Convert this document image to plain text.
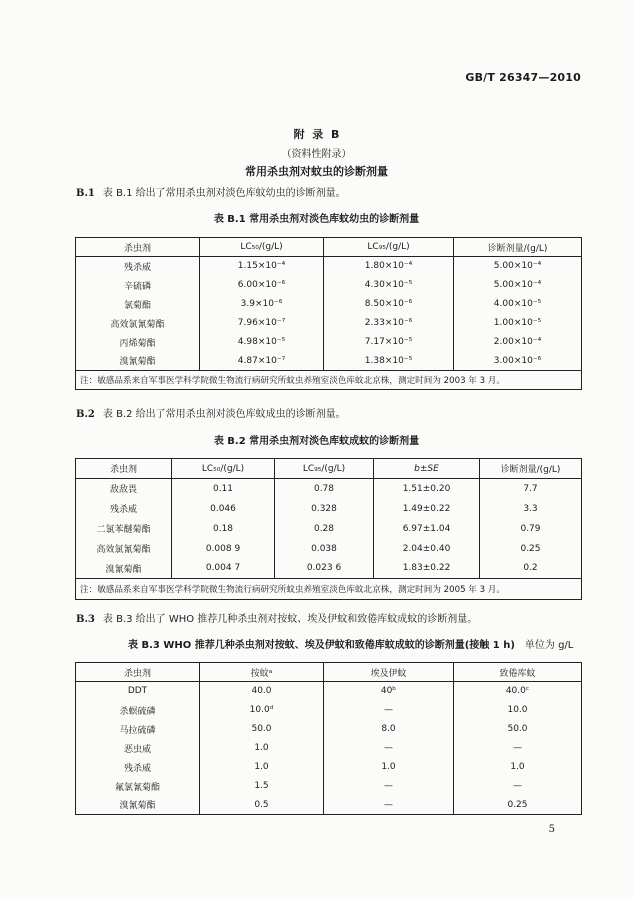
GB/T 26347—2010
附  录  B
（资料性附录）
常用杀虫剂对蚊虫的诊断剂量
B.1 表 B.1 给出了常用杀虫剂对淡色库蚊幼虫的诊断剂量。
表 B.1 常用杀虫剂对淡色库蚊幼虫的诊断剂量
杀虫剂	LC₅₀/(g/L)	LC₉₅/(g/L)	诊断剂量/(g/L)
残杀威	1.15×10⁻⁴	1.80×10⁻⁴	5.00×10⁻⁴
辛硫磷	6.00×10⁻⁶	4.30×10⁻⁵	5.00×10⁻⁴
氯菊酯	3.9×10⁻⁶	8.50×10⁻⁶	4.00×10⁻⁵
高效氯氰菊酯	7.96×10⁻⁷	2.33×10⁻⁶	1.00×10⁻⁵
丙烯菊酯	4.98×10⁻⁵	7.17×10⁻⁵	2.00×10⁻⁴
溴氰菊酯	4.87×10⁻⁷	1.38×10⁻⁵	3.00×10⁻⁶
注：敏感品系来自军事医学科学院微生物流行病研究所蚊虫养殖室淡色库蚊北京株，测定时间为 2003 年 3 月。			
B.2 表 B.2 给出了常用杀虫剂对淡色库蚊成虫的诊断剂量。
表 B.2 常用杀虫剂对淡色库蚊成蚊的诊断剂量
杀虫剂	LC₅₀/(g/L)	LC₉₅/(g/L)	b±SE	诊断剂量/(g/L)
敌敌畏	0.11	0.78	1.51±0.20	7.7
残杀威	0.046	0.328	1.49±0.22	3.3
二氯苯醚菊酯	0.18	0.28	6.97±1.04	0.79
高效氯氰菊酯	0.008 9	0.038	2.04±0.40	0.25
溴氰菊酯	0.004 7	0.023 6	1.83±0.22	0.2
注：敏感品系来自军事医学科学院微生物流行病研究所蚊虫养殖室淡色库蚊北京株，测定时间为 2005 年 3 月。				
B.3 表 B.3 给出了 WHO 推荐几种杀虫剂对按蚊、埃及伊蚊和致倦库蚊成蚊的诊断剂量。
表 B.3 WHO 推荐几种杀虫剂对按蚊、埃及伊蚊和致倦库蚊成蚊的诊断剂量(接触 1 h) 单位为 g/L
杀虫剂	按蚊ᵃ	埃及伊蚊	致倦库蚊
DDT	40.0	40ᵇ	40.0ᶜ
杀螟硫磷	10.0ᵈ	—	10.0
马拉硫磷	50.0	8.0	50.0
恶虫威	1.0	—	—
残杀威	1.0	1.0	1.0
氟氯氰菊酯	1.5	—	—
溴氰菊酯	0.5	—	0.25
5
